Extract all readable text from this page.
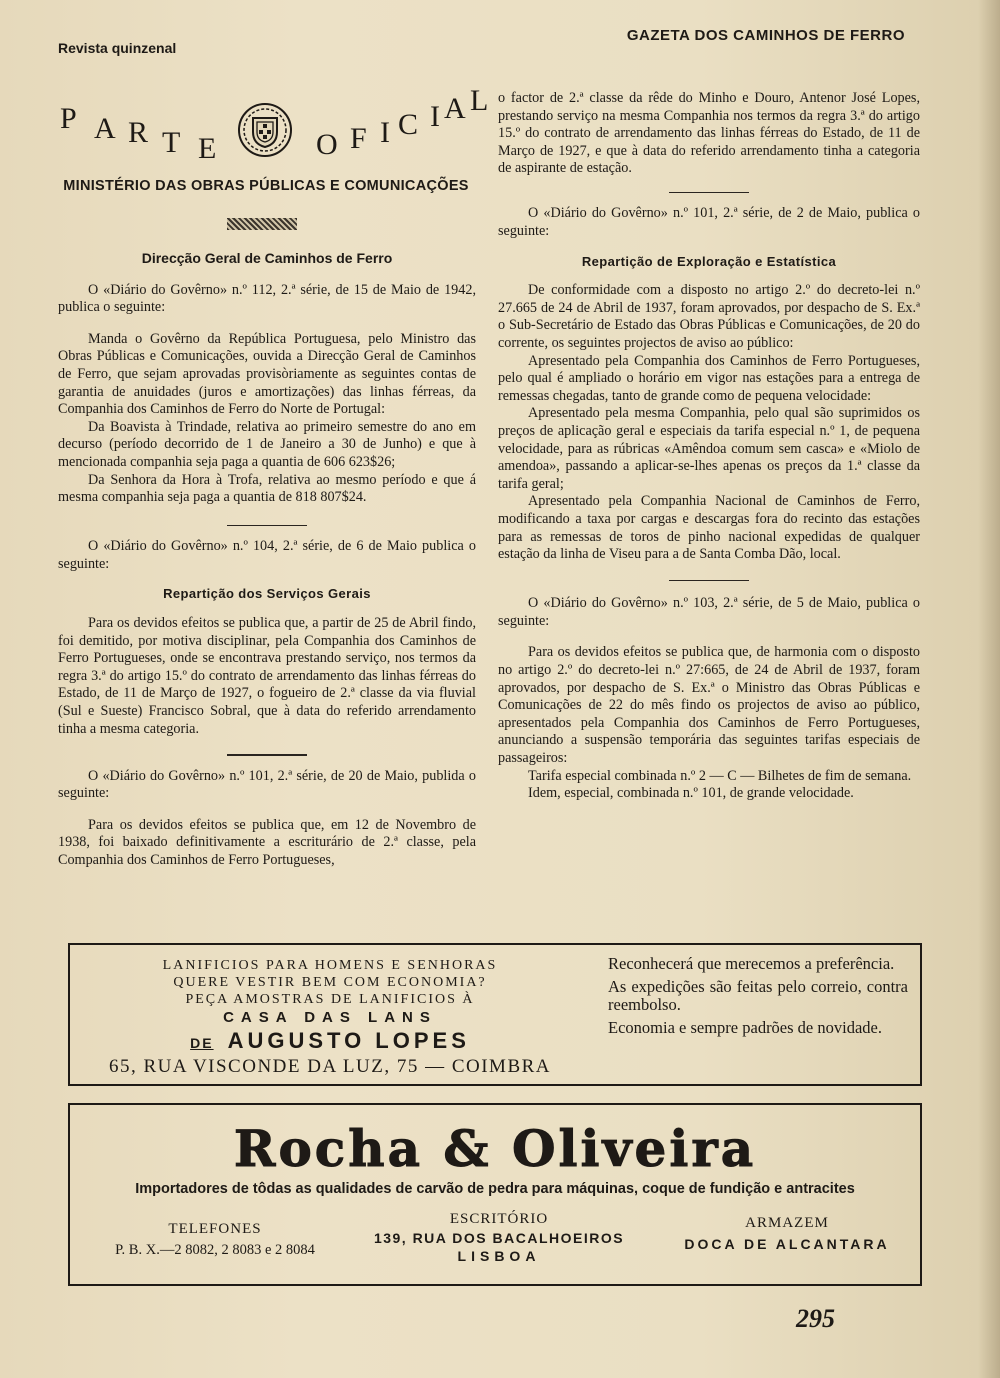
Revista quinzenal
GAZETA DOS CAMINHOS DE FERRO
P A R T E	O F I C I A L
MINISTÉRIO DAS OBRAS PÚBLICAS E COMUNICAÇÕES

Direcção Geral de Caminhos de Ferro

O «Diário do Govêrno» n.º 112, 2.ª série, de 15 de Maio de 1942, publica o seguinte:

Manda o Govêrno da República Portuguesa, pelo Ministro das Obras Públicas e Comunicações, ouvida a Direcção Geral de Caminhos de Ferro, que sejam aprovadas provisòriamente as seguintes contas de garantia de anuidades (juros e amortizações) das linhas férreas, da Companhia dos Caminhos de Ferro do Norte de Portugal:

Da Boavista à Trindade, relativa ao primeiro semestre do ano em decurso (período decorrido de 1 de Janeiro a 30 de Junho) e que à mencionada companhia seja paga a quantia de 606 623$26;

Da Senhora da Hora à Trofa, relativa ao mesmo período e que á mesma companhia seja paga a quantia de 818 807$24.

O «Diário do Govêrno» n.º 104, 2.ª série, de 6 de Maio publica o seguinte:

Repartição dos Serviços Gerais

Para os devidos efeitos se publica que, a partir de 25 de Abril findo, foi demitido, por motiva disciplinar, pela Companhia dos Caminhos de Ferro Portugueses, onde se encontrava prestando serviço, nos termos da regra 3.ª do artigo 15.º do contrato de arrendamento das linhas férreas do Estado, de 11 de Março de 1927, o fogueiro de 2.ª classe da via fluvial (Sul e Sueste) Francisco Sobral, que à data do referido arrendamento tinha a mesma categoria.

O «Diário do Govêrno» n.º 101, 2.ª série, de 20 de Maio, publida o seguinte:

Para os devidos efeitos se publica que, em 12 de Novembro de 1938, foi baixado definitivamente a escriturário de 2.ª classe, pela Companhia dos Caminhos de Ferro Portugueses,

o factor de 2.ª classe da rêde do Minho e Douro, Antenor José Lopes, prestando serviço na mesma Companhia nos termos da regra 3.ª do artigo 15.º do contrato de arrendamento das linhas férreas do Estado, de 11 de Março de 1927, e que à data do referido arrendamento tinha a categoria de aspirante de estação.

O «Diário do Govêrno» n.º 101, 2.ª série, de 2 de Maio, publica o seguinte:

Repartição de Exploração e Estatística

De conformidade com a disposto no artigo 2.º do decreto-lei n.º 27.665 de 24 de Abril de 1937, foram aprovados, por despacho de S. Ex.ª o Sub-Secretário de Estado das Obras Públicas e Comunicações, de 20 do corrente, os seguintes projectos de aviso ao público:

Apresentado pela Companhia dos Caminhos de Ferro Portugueses, pelo qual é ampliado o horário em vigor nas estações para a entrega de remessas chegadas, tanto de grande como de pequena velocidade:

Apresentado pela mesma Companhia, pelo qual são suprimidos os preços de aplicação geral e especiais da tarifa especial n.º 1, de pequena velocidade, para as rúbricas «Amêndoa comum sem casca» e «Miolo de amendoa», passando a aplicar-se-lhes apenas os preços da 1.ª classe da tarifa geral;

Apresentado pela Companhia Nacional de Caminhos de Ferro, modificando a taxa por cargas e descargas fora do recinto das estações para as remessas de toros de pinho nacional expedidas de qualquer estação da linha de Viseu para a de Santa Comba Dão, local.

O «Diário do Govêrno» n.º 103, 2.ª série, de 5 de Maio, publica o seguinte:

Para os devidos efeitos se publica que, de harmonia com o disposto no artigo 2.º do decreto-lei n.º 27:665, de 24 de Abril de 1937, foram aprovados, por despacho de S. Ex.ª o Ministro das Obras Públicas e Comunicações de 22 do mês findo os projectos de aviso ao público, apresentados pela Companhia dos Caminhos de Ferro Portugueses, anunciando a suspensão temporária das seguintes tarifas especiais de passageiros:

Tarifa especial combinada n.º 2 — C — Bilhetes de fim de semana.

Idem, especial, combinada n.º 101, de grande velocidade.

LANIFICIOS PARA HOMENS E SENHORAS
QUERE VESTIR BEM COM ECONOMIA?
PEÇA AMOSTRAS DE LANIFICIOS À
CASA DAS LANS
DE AUGUSTO LOPES
65, RUA VISCONDE DA LUZ, 75 — COIMBRA

Reconhecerá que merecemos a preferência.

As expedições são feitas pelo correio, contra reembolso.

Economia e sempre padrões de novidade.

Rocha & Oliveira
Importadores de tôdas as qualidades de carvão de pedra para máquinas, coque de fundição e antracites
TELEFONES
P. B. X.—2 8082, 2 8083 e 2 8084
ESCRITÓRIO
139, RUA DOS BACALHOEIROS
LISBOA
ARMAZEM
DOCA DE ALCANTARA
295
